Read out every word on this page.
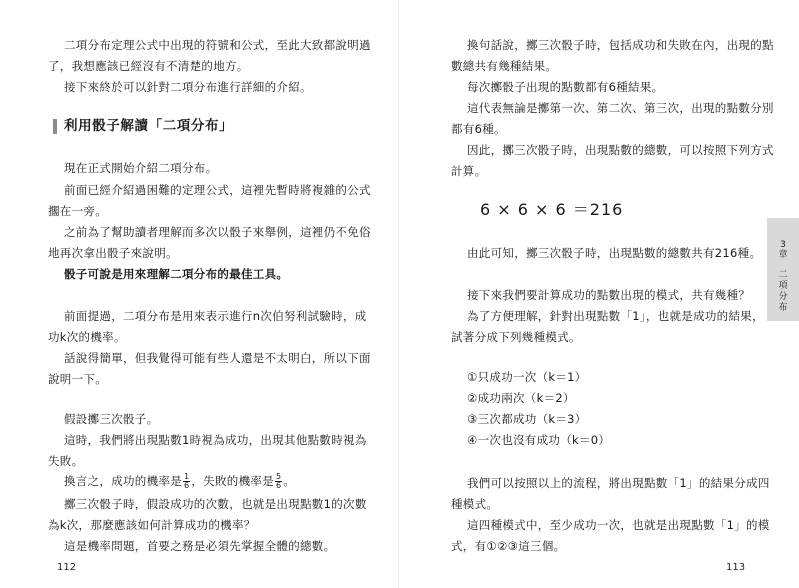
二項分布定理公式中出現的符號和公式，至此大致都說明過
了，我想應該已經沒有不清楚的地方。
接下來終於可以針對二項分布進行詳細的介紹。
利用骰子解讀「二項分布」
現在正式開始介紹二項分布。
前面已經介紹過困難的定理公式，這裡先暫時將複雜的公式
擱在一旁。
之前為了幫助讀者理解而多次以骰子來舉例，這裡仍不免俗
地再次拿出骰子來說明。
骰子可說是用來理解二項分布的最佳工具。
前面提過，二項分布是用來表示進行n次伯努利試驗時，成
功k次的機率。
話說得簡單，但我覺得可能有些人還是不太明白，所以下面
說明一下。
假設擲三次骰子。
這時，我們將出現點數1時視為成功，出現其他點數時視為
失敗。
換言之，成功的機率是 $\frac{1}{6}$ ，失敗的機率是 $\frac{5}{6}$ 。
擲三次骰子時，假設成功的次數，也就是出現點數1的次數
為k次，那麼應該如何計算成功的機率？
這是機率問題，首要之務是必須先掌握全體的總數。
112
換句話說，擲三次骰子時，包括成功和失敗在內，出現的點
數總共有幾種結果。
每次擲骰子出現的點數都有6種結果。
這代表無論是擲第一次、第二次、第三次，出現的點數分別
都有6種。
因此，擲三次骰子時，出現點數的總數，可以按照下列方式
計算。
6 × 6 × 6 ＝216
由此可知，擲三次骰子時，出現點數的總數共有216種。
接下來我們要計算成功的點數出現的模式，共有幾種？
為了方便理解，針對出現點數「1」，也就是成功的結果，
試著分成下列幾種模式。
①只成功一次（k＝1）
②成功兩次（k＝2）
③三次都成功（k＝3）
④一次也沒有成功（k＝0）
我們可以按照以上的流程，將出現點數「1」的結果分成四
種模式。
這四種模式中，至少成功一次，也就是出現點數「1」的模
式，有①②③這三個。
113
3
章
二
項
分
布
